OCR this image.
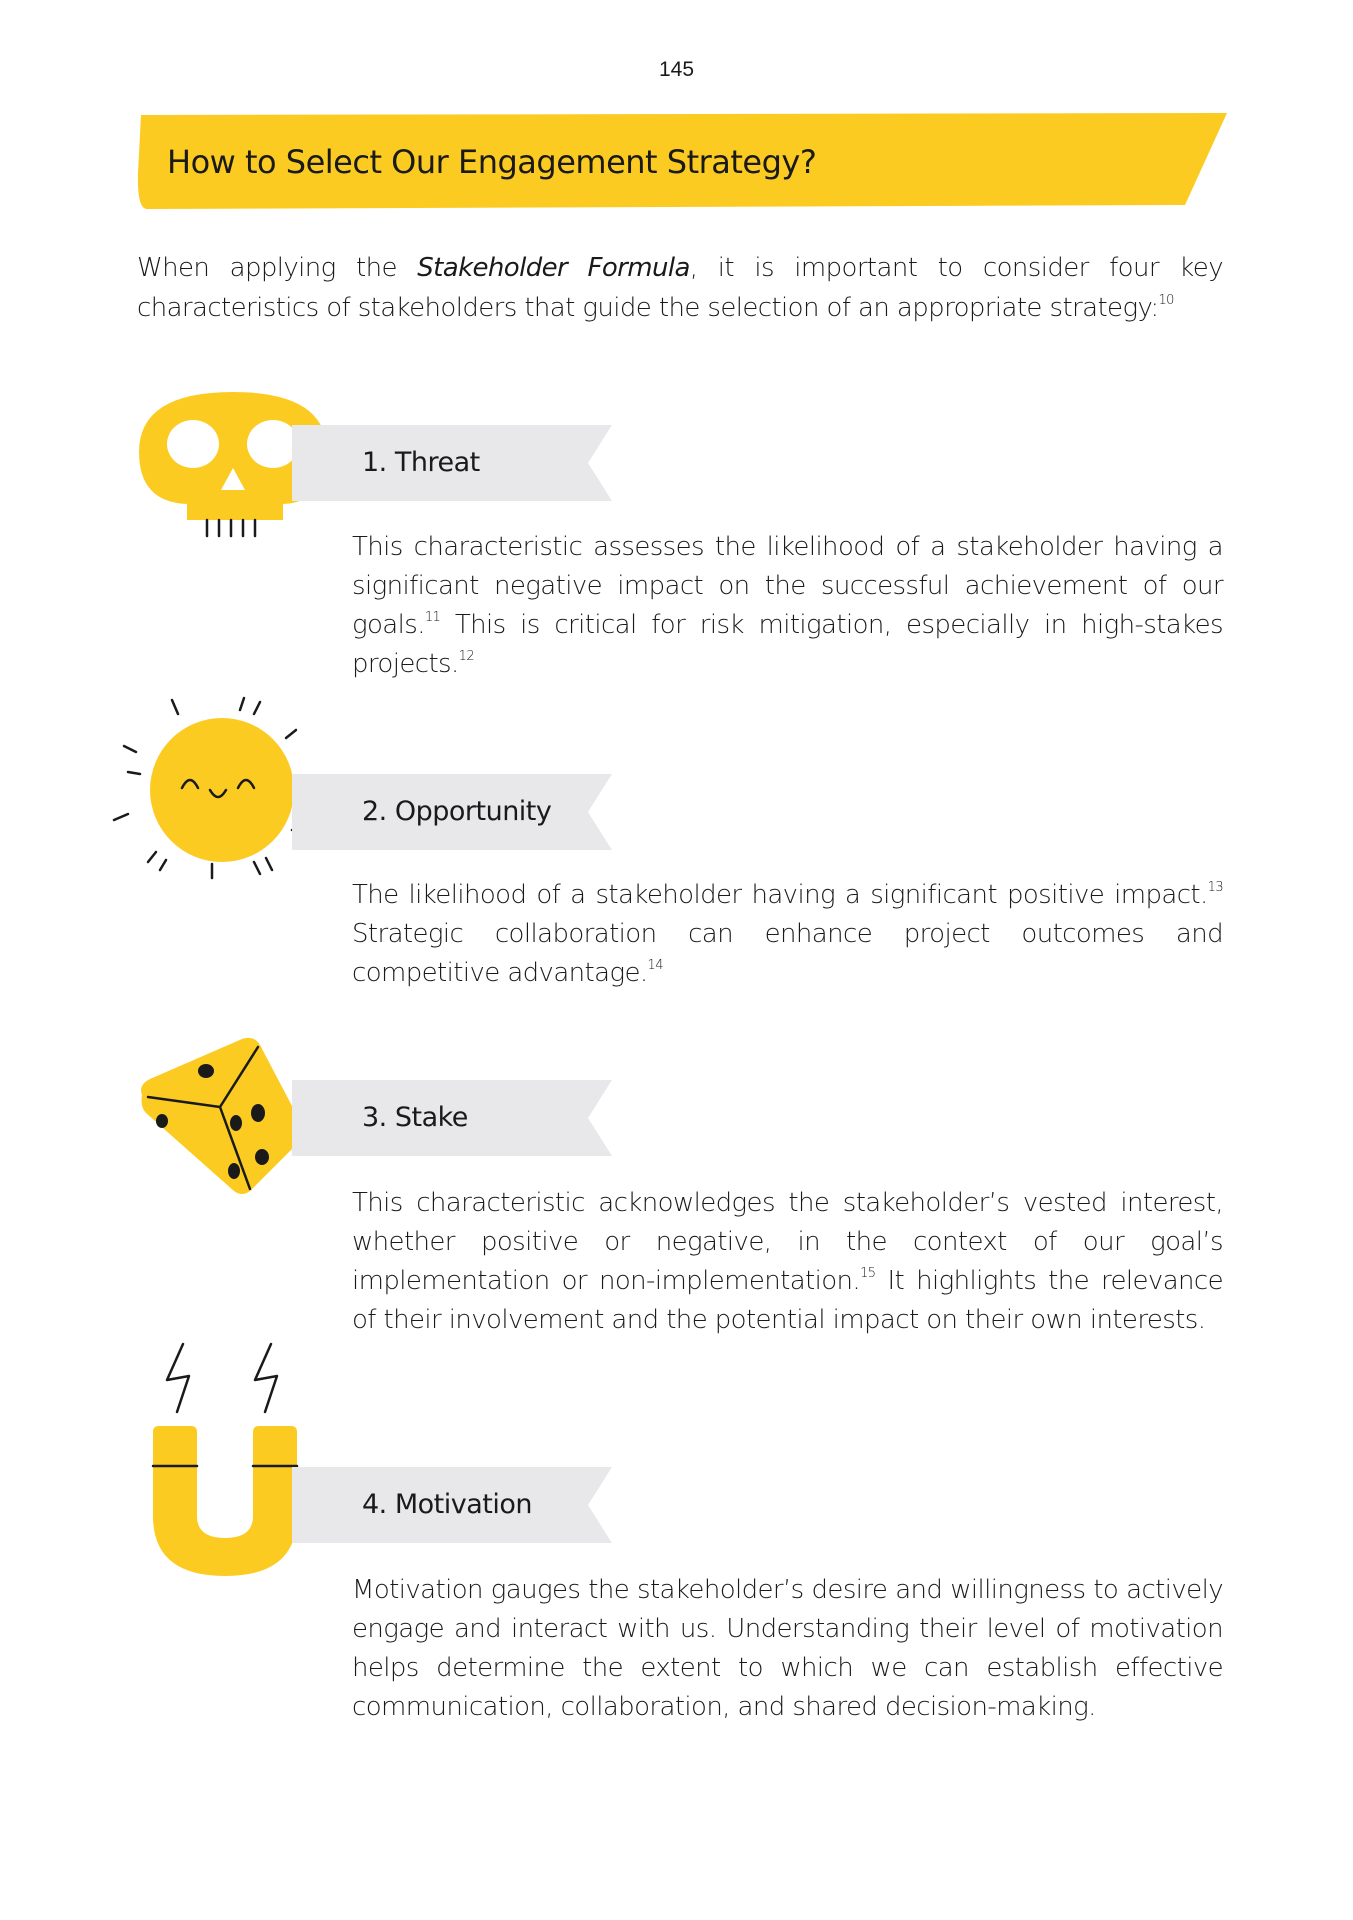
145
How to Select Our Engagement Strategy?

When applying the Stakeholder Formula, it is important to consider four key characteristics of stakeholders that guide the selection of an appropriate strategy:$^{10}$

1. Threat

This characteristic assesses the likelihood of a stakeholder having a significant negative impact on the successful achievement of our goals.$^{11}$ This is critical for risk mitigation, especially in high-stakes projects.$^{12}$

2. Opportunity

The likelihood of a stakeholder having a significant positive impact.$^{13}$ Strategic collaboration can enhance project outcomes and competitive advantage.$^{14}$

3. Stake

This characteristic acknowledges the stakeholder’s vested interest, whether positive or negative, in the context of our goal’s implementation or non-implementation.$^{15}$ It highlights the relevance of their involvement and the potential impact on their own interests.

4. Motivation

Motivation gauges the stakeholder’s desire and willingness to actively engage and interact with us. Understanding their level of motivation helps determine the extent to which we can establish effective communication, collaboration, and shared decision-making.
